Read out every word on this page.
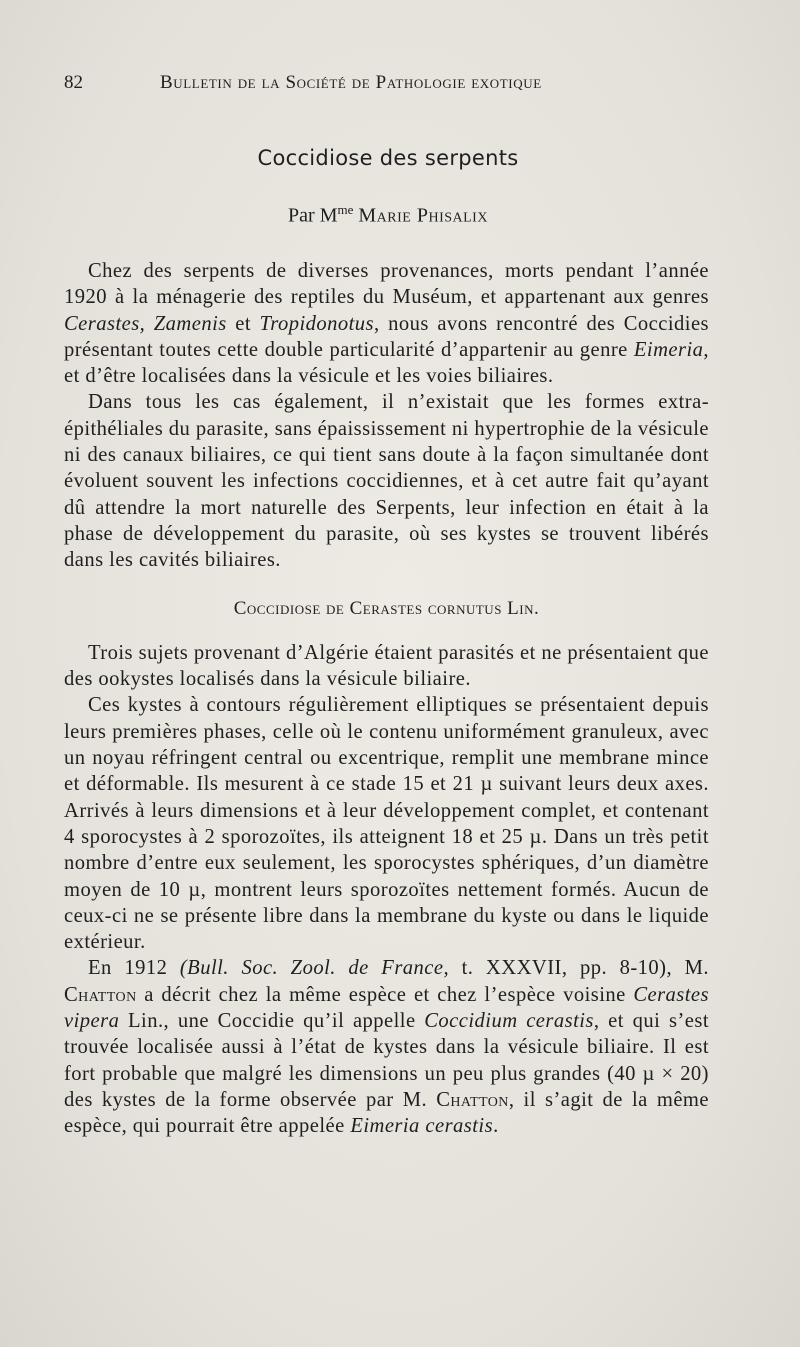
82	Bulletin de la Société de Pathologie exotique
Coccidiose des serpents
Par $M^{me}$ Marie Phisalix

Chez des serpents de diverses provenances, morts pendant l’année 1920 à la ménagerie des reptiles du Muséum, et appartenant aux genres Cerastes, Zamenis et Tropidonotus, nous avons rencontré des Coccidies présentant toutes cette double particularité d’appartenir au genre Eimeria, et d’être localisées dans la vésicule et les voies biliaires.

Dans tous les cas également, il n’existait que les formes extra-épithéliales du parasite, sans épaississement ni hypertrophie de la vésicule ni des canaux biliaires, ce qui tient sans doute à la façon simultanée dont évoluent souvent les infections coccidiennes, et à cet autre fait qu’ayant dû attendre la mort naturelle des Serpents, leur infection en était à la phase de développement du parasite, où ses kystes se trouvent libérés dans les cavités biliaires.

Coccidiose de Cerastes cornutus Lin.

Trois sujets provenant d’Algérie étaient parasités et ne présentaient que des ookystes localisés dans la vésicule biliaire.

Ces kystes à contours régulièrement elliptiques se présentaient depuis leurs premières phases, celle où le contenu uniformément granuleux, avec un noyau réfringent central ou excentrique, remplit une membrane mince et déformable. Ils mesurent à ce stade 15 et 21 µ suivant leurs deux axes. Arrivés à leurs dimensions et à leur développement complet, et contenant 4 sporocystes à 2 sporozoïtes, ils atteignent 18 et 25 µ. Dans un très petit nombre d’entre eux seulement, les sporocystes sphériques, d’un diamètre moyen de 10 µ, montrent leurs sporozoïtes nettement formés. Aucun de ceux-ci ne se présente libre dans la membrane du kyste ou dans le liquide extérieur.

En 1912 (Bull. Soc. Zool. de France, t. XXXVII, pp. 8-10), M. Chatton a décrit chez la même espèce et chez l’espèce voisine Cerastes vipera Lin., une Coccidie qu’il appelle Coccidium cerastis, et qui s’est trouvée localisée aussi à l’état de kystes dans la vésicule biliaire. Il est fort probable que malgré les dimensions un peu plus grandes (40 µ × 20) des kystes de la forme observée par M. Chatton, il s’agit de la même espèce, qui pourrait être appelée Eimeria cerastis.
